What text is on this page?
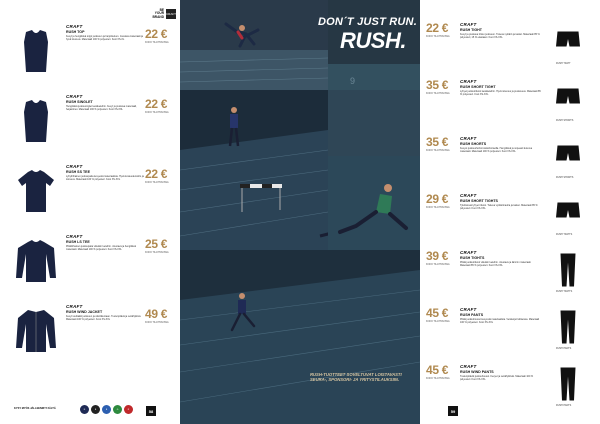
BE
YOUR
BRAND
CRAFT
22 €
KOKO TILATTAVISSA
CRAFT
RUSH TOP
Kevyt ja hengittävä toppi juoksuun ja harjoitteluun. Joustava materiaali ja hyvä istuvuus. Materiaali 100 % polyesteri. Koot XS-XL
22 €
KOKO TILATTAVISSA
CRAFT
RUSH SINGLET
Hengittävä juoksusinglet kesäkeleihin. Kevyt ja joustava materiaali, heijastimet. Materiaali 100 % polyesteri. Koot XS-XXL
22 €
KOKO TILATTAVISSA
CRAFT
RUSH SS TEE
Lyhythihainen juoksupaita kevyestä materiaalista. Hyvä kosteudensiirto ja istuvuus. Materiaali 100 % polyesteri. Koot XS-XXL
25 €
KOKO TILATTAVISSA
CRAFT
RUSH LS TEE
Pitkähihainen juoksupaita viileisiin keleihin. Joustava ja hengittävä materiaali. Materiaali 100 % polyesteri. Koot XS-XXL
49 €
KOKO TILATTAVISSA
CRAFT
RUSH WIND JACKET
Kevyt tuulitakki juoksuun ja ulkoliikuntaan. Tuulenpitävä ja vettähylkivä. Materiaali 100 % polyesteri. Koot XS-XXL
KYSY MYÖS JÄLLEENMYYJÄLTÄ	N	B	B	G	R	58
9
DON´T JUST RUN.
RUSH.
RUSH-TUOTTEET SOVELTUVAT LOISTAVASTI SEURA-, SPONSORI- JA YRITYSTILAUKSIIN.
RUSH TIGHT
22 €
KOKO TILATTAVISSA
CRAFT
RUSH TIGHT
Kevyt ja joustava trikoo juoksuun. Tukeva vyötärö ja taskut. Materiaali 85 % polyesteri, 15 % elastaani. Koot XS-XXL
RUSH SHORTS
35 €
KOKO TILATTAVISSA
CRAFT
RUSH SHORT TIGHT
Lyhyet juoksutrikoot kesäkeleihin. Hyvä istuvuus ja joustavuus. Materiaali 85 % polyesteri. Koot XS-XXL
RUSH SHORTS
35 €
KOKO TILATTAVISSA
CRAFT
RUSH SHORTS
Kevyet juoksushortsit sisäshortseilla. Hengittävä ja nopeasti kuivuva materiaali. Materiaali 100 % polyesteri. Koot XS-XXL
RUSH TIGHTS
29 €
KOKO TILATTAVISSA
CRAFT
RUSH SHORT TIGHTS
Tyköistuvat lyhyet trikoot. Tukeva vyötärönauha ja taskut. Materiaali 85 % polyesteri. Koot XS-XXL
RUSH TIGHTS
39 €
KOKO TILATTAVISSA
CRAFT
RUSH TIGHTS
Pitkät juoksutrikoot viileisiin keleihin. Joustava ja lämmin materiaali. Materiaali 85 % polyesteri. Koot XS-XXL
RUSH PANTS
45 €
KOKO TILATTAVISSA
CRAFT
RUSH PANTS
Pitkät juoksuhousut kevyestä materiaalista. Vetoketjut lahkeissa. Materiaali 100 % polyesteri. Koot XS-XXL
RUSH PANTS
45 €
KOKO TILATTAVISSA
CRAFT
RUSH WIND PANTS
Tuulenpitävät juoksuhousut. Kevyet ja vettähylkivät. Materiaali 100 % polyesteri. Koot XS-XXL
59
